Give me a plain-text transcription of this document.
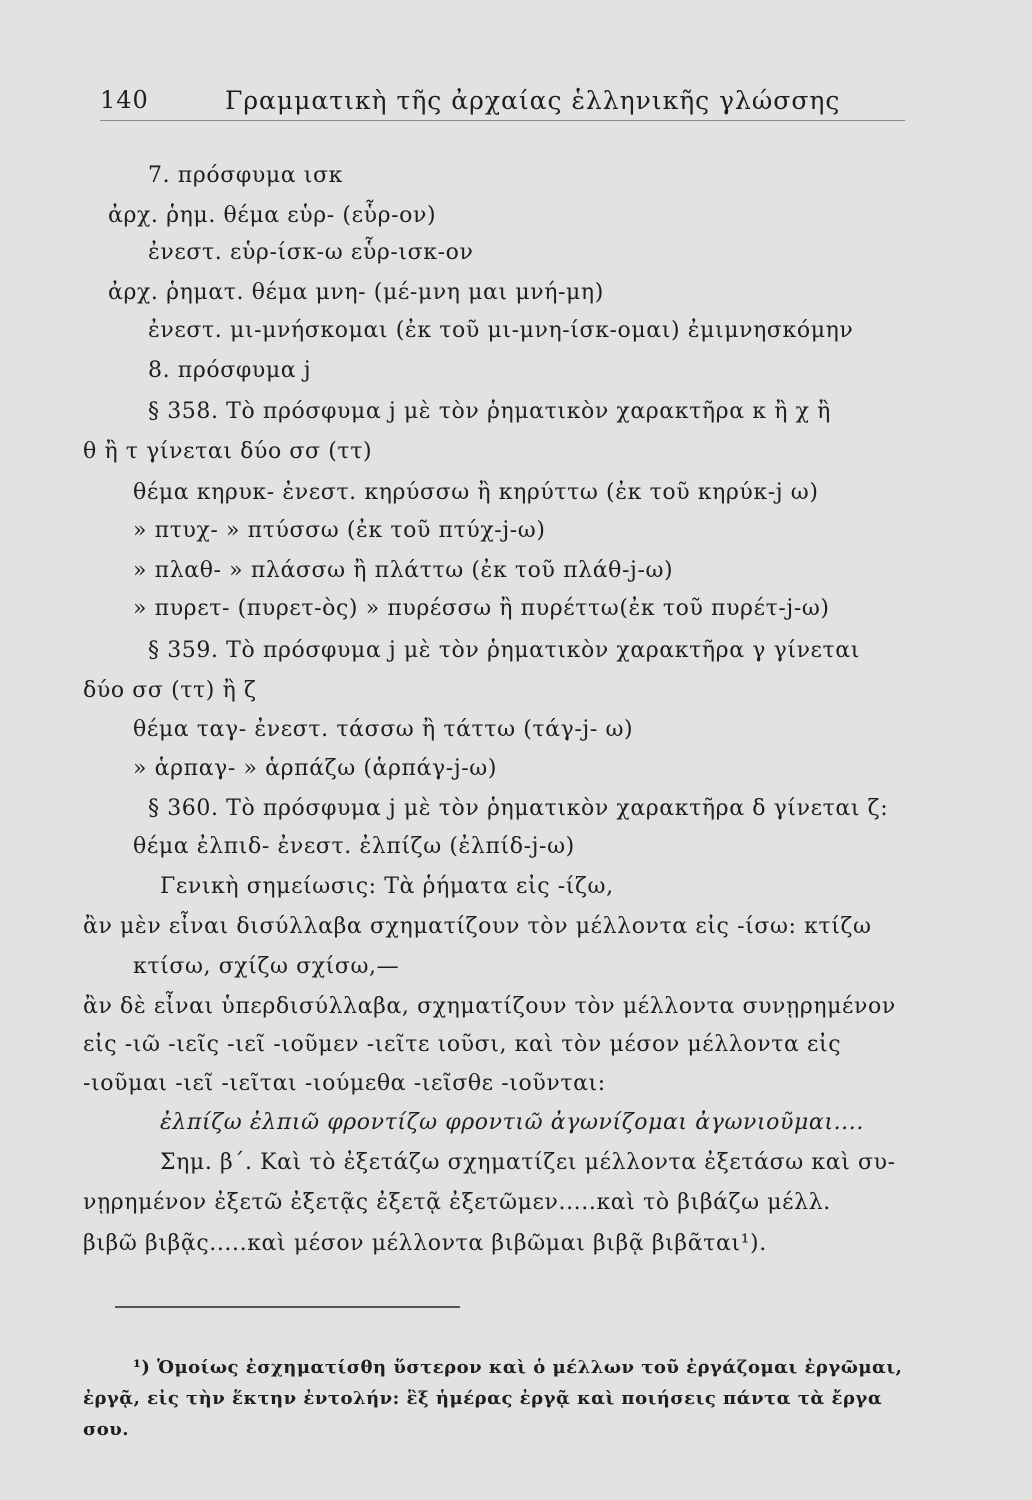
140	Γραμματικὴ τῆς ἀρχαίας ἑλληνικῆς γλώσσης
7. πρόσφυμα ισκ
ἀρχ. ῥημ. θέμα εὑρ- (εὗρ-ον)
ἐνεστ. εὑρ-ίσκ-ω εὗρ-ισκ-ον
ἀρχ. ῥηματ. θέμα μνη- (μέ-μνη μαι μνή-μη)
ἐνεστ. μι-μνήσκομαι (ἐκ τοῦ μι-μνη-ίσκ-ομαι) ἐμιμνησκόμην
8. πρόσφυμα j
§ 358. Τὸ πρόσφυμα j μὲ τὸν ῥηματικὸν χαρακτῆρα κ ἢ χ ἢ
θ ἢ τ γίνεται δύο σσ (ττ)
θέμα κηρυκ- ἐνεστ. κηρύσσω ἢ κηρύττω (ἐκ τοῦ κηρύκ-j ω)
» πτυχ- » πτύσσω (ἐκ τοῦ πτύχ-j-ω)
» πλαθ- » πλάσσω ἢ πλάττω (ἐκ τοῦ πλάθ-j-ω)
» πυρετ- (πυρετ-ὸς) » πυρέσσω ἢ πυρέττω(ἐκ τοῦ πυρέτ-j-ω)
§ 359. Τὸ πρόσφυμα j μὲ τὸν ῥηματικὸν χαρακτῆρα γ γίνεται
δύο σσ (ττ) ἢ ζ
θέμα ταγ- ἐνεστ. τάσσω ἢ τάττω (τάγ-j- ω)
» ἁρπαγ- » ἁρπάζω (ἁρπάγ-j-ω)
§ 360. Τὸ πρόσφυμα j μὲ τὸν ῥηματικὸν χαρακτῆρα δ γίνεται ζ:
θέμα ἐλπιδ- ἐνεστ. ἐλπίζω (ἐλπίδ-j-ω)
Γενικὴ σημείωσις: Τὰ ῥήματα εἰς -ίζω,
ἂν μὲν εἶναι δισύλλαβα σχηματίζουν τὸν μέλλοντα εἰς -ίσω: κτίζω
κτίσω, σχίζω σχίσω,—
ἂν δὲ εἶναι ὑπερδισύλλαβα, σχηματίζουν τὸν μέλλοντα συνῃρημένον
εἰς -ιῶ -ιεῖς -ιεῖ -ιοῦμεν -ιεῖτε ιοῦσι, καὶ τὸν μέσον μέλλοντα εἰς
-ιοῦμαι -ιεῖ -ιεῖται -ιούμεθα -ιεῖσθε -ιοῦνται:
ἐλπίζω ἐλπιῶ φροντίζω φροντιῶ ἀγωνίζομαι ἀγωνιοῦμαι....
Σημ. β΄. Καὶ τὸ ἐξετάζω σχηματίζει μέλλοντα ἐξετάσω καὶ συ-
νῃρημένον ἐξετῶ ἐξετᾷς ἐξετᾷ ἐξετῶμεν.....καὶ τὸ βιβάζω μέλλ.
βιβῶ βιβᾷς.....καὶ μέσον μέλλοντα βιβῶμαι βιβᾷ βιβᾶται¹).
¹) Ὁμοίως ἐσχηματίσθη ὕστερον καὶ ὁ μέλλων τοῦ ἐργάζομαι ἐργῶμαι,
ἐργᾷ, εἰς τὴν ἕκτην ἐντολήν: ἓξ ἡμέρας ἐργᾷ καὶ ποιήσεις πάντα τὰ ἔργα
σου.
